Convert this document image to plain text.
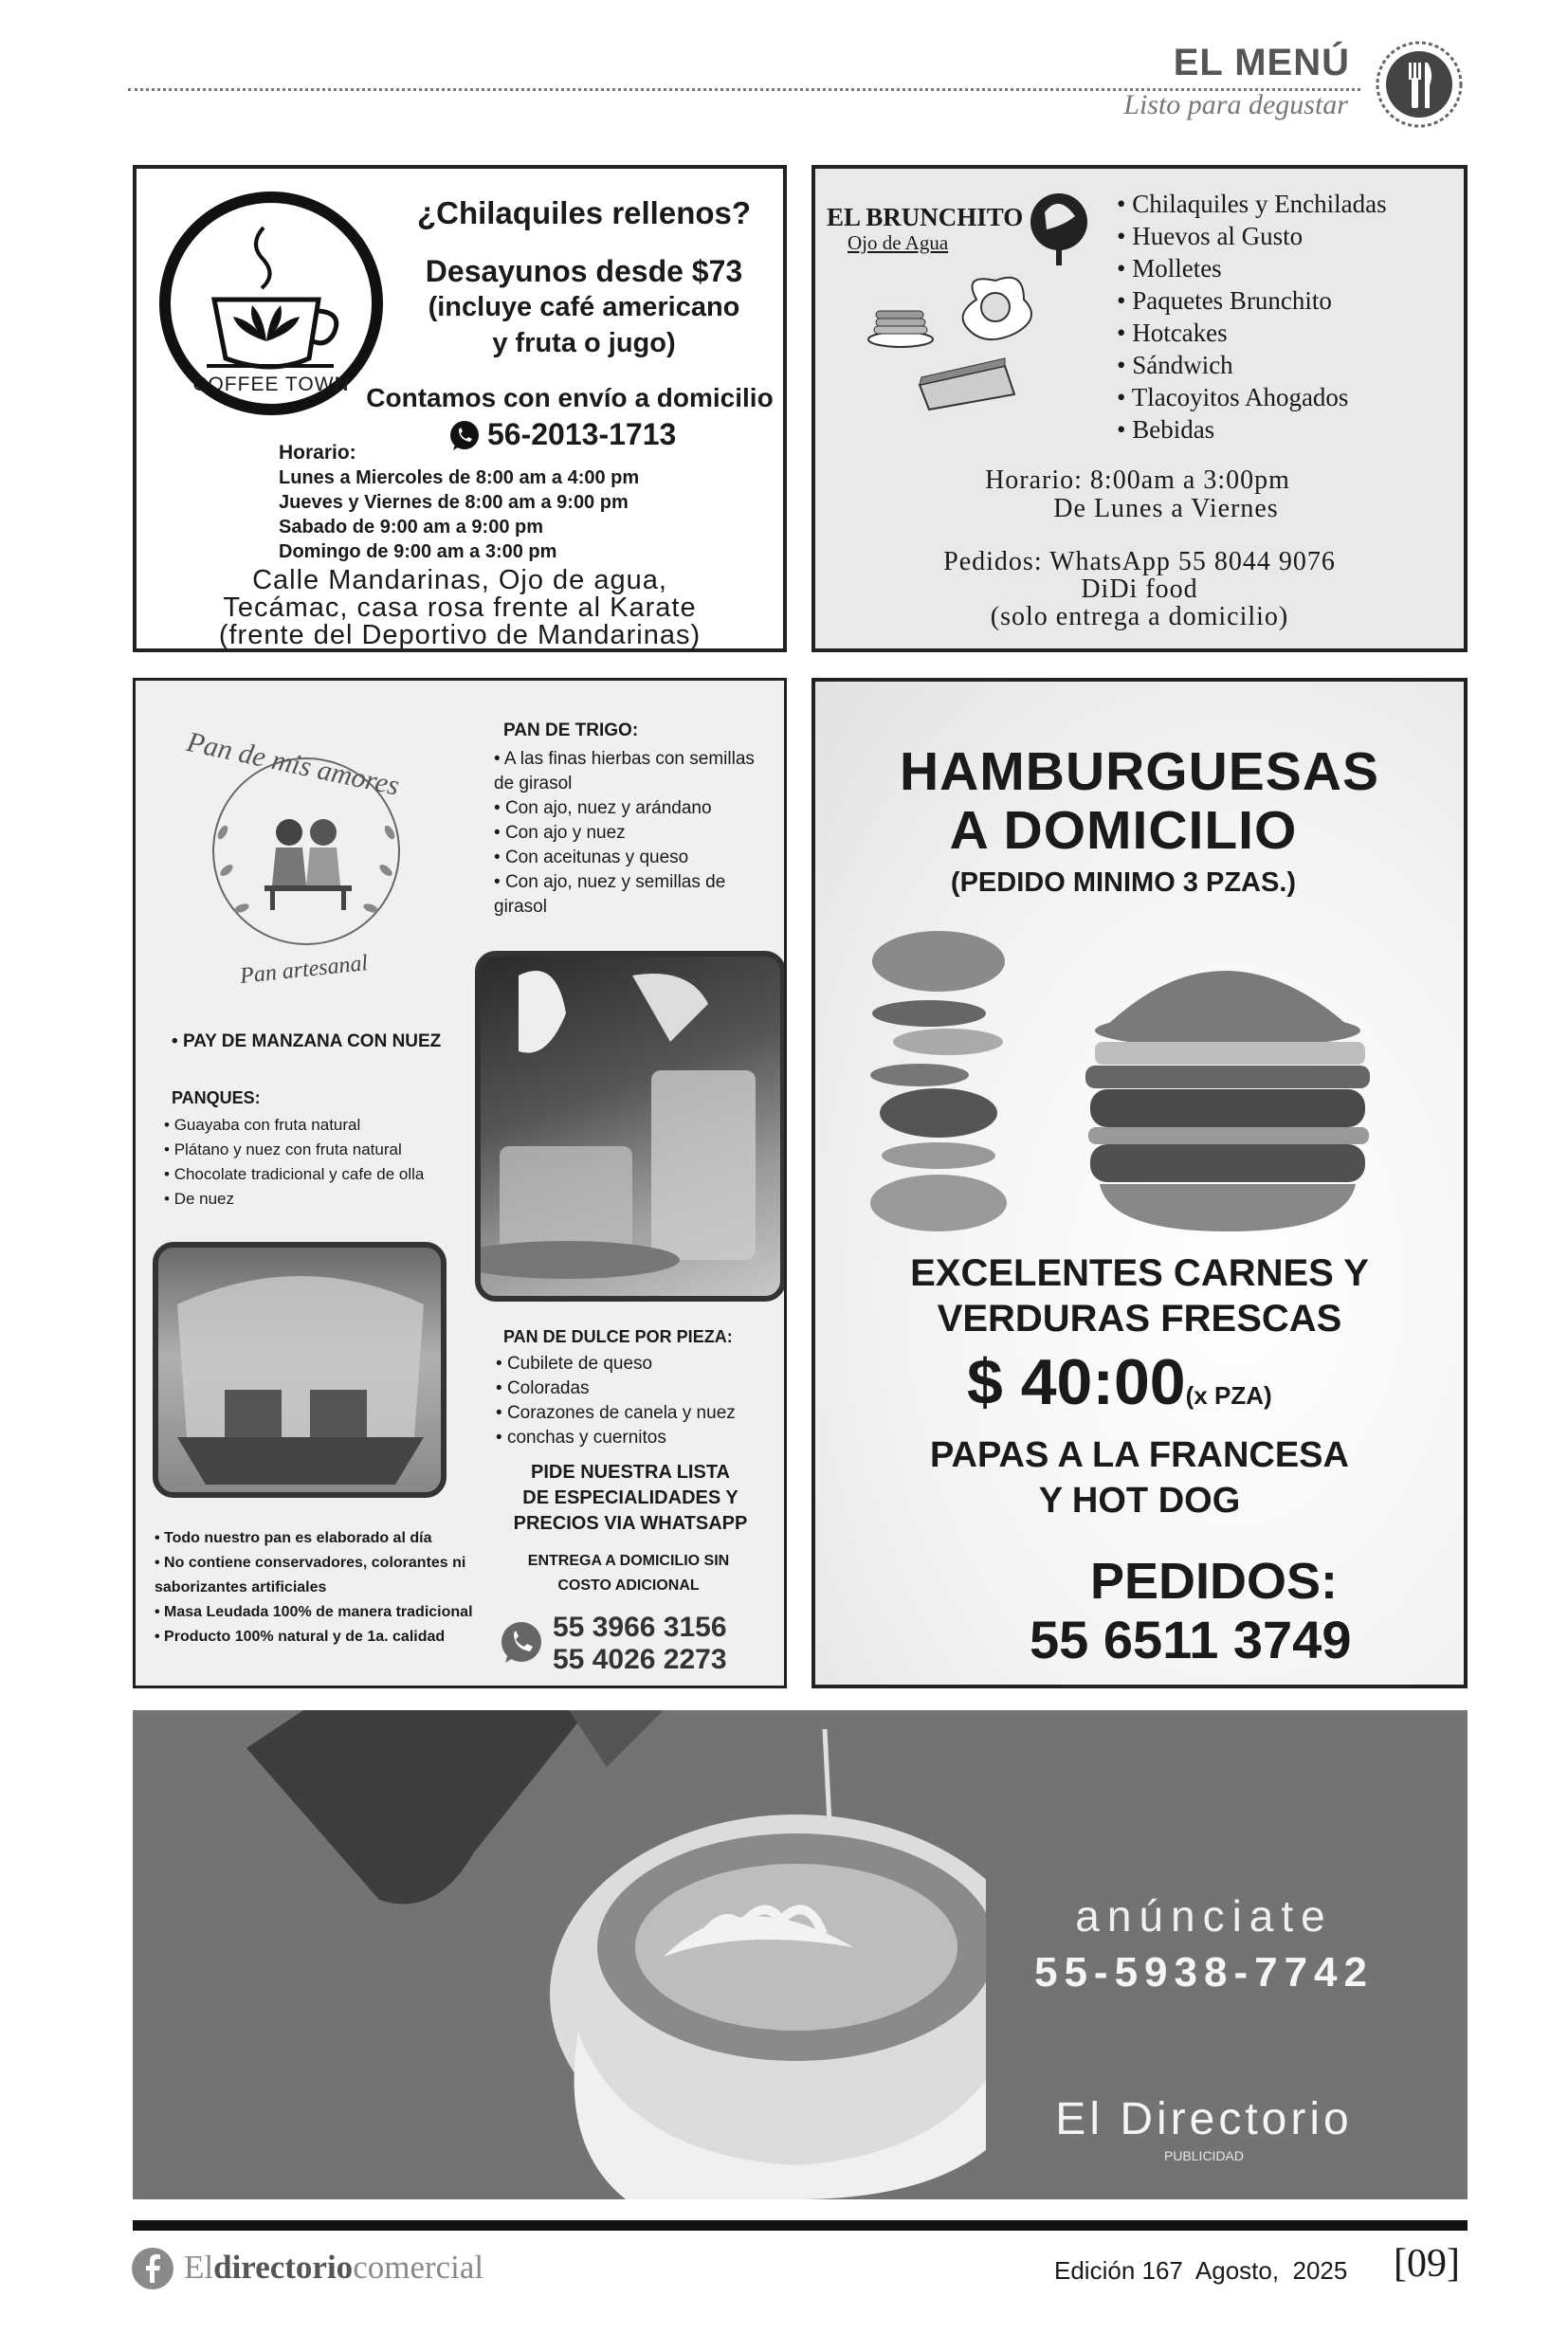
EL MENÚ
Listo para degustar
COFFEE TOWN
¿Chilaquiles rellenos?
Desayunos desde $73
(incluye café americano
y fruta o jugo)
Contamos con envío a domicilio
56-2013-1713
Horario:
Lunes a Miercoles de 8:00 am a 4:00 pm
Jueves y Viernes de 8:00 am a 9:00 pm
Sabado de 9:00 am a 9:00 pm
Domingo de 9:00 am a 3:00 pm
Calle Mandarinas, Ojo de agua,
Tecámac, casa rosa frente al Karate
(frente del Deportivo de Mandarinas)
EL BRUNCHITO
Ojo de Agua
• Chilaquiles y Enchiladas
• Huevos al Gusto
• Molletes
• Paquetes Brunchito
• Hotcakes
• Sándwich
• Tlacoyitos Ahogados
• Bebidas
Horario: 8:00am a 3:00pm
De Lunes a Viernes
Pedidos: WhatsApp 55 8044 9076
DiDi food
(solo entrega a domicilio)
Pan de mis amores
Pan artesanal
PAN DE TRIGO:
• A las finas hierbas con semillas de girasol
• Con ajo, nuez y arándano
• Con ajo y nuez
• Con aceitunas y queso
• Con ajo, nuez y semillas de girasol
• PAY DE MANZANA CON NUEZ
PANQUES:
• Guayaba con fruta natural
• Plátano y nuez con fruta natural
• Chocolate tradicional y cafe de olla
• De nuez
PAN DE DULCE POR PIEZA:
• Cubilete de queso
• Coloradas
• Corazones de canela y nuez
• conchas y cuernitos
PIDE NUESTRA LISTA
DE ESPECIALIDADES Y
PRECIOS VIA WHATSAPP
ENTREGA A DOMICILIO SIN
COSTO ADICIONAL
• Todo nuestro pan es elaborado al día
• No contiene conservadores, colorantes ni saborizantes artificiales
• Masa Leudada 100% de manera tradicional
• Producto 100% natural y de 1a. calidad	55 3966 3156
55 4026 2273
HAMBURGUESAS
A DOMICILIO
(PEDIDO MINIMO 3 PZAS.)
EXCELENTES CARNES Y
VERDURAS FRESCAS
$ 40:00(x PZA)
PAPAS A LA FRANCESA
Y HOT DOG
PEDIDOS:
55 6511 3749
anúnciate
55-5938-7742
El Directorio
PUBLICIDAD
Eldirectoriocomercial	Edición 167  Agosto,  2025 [09]
